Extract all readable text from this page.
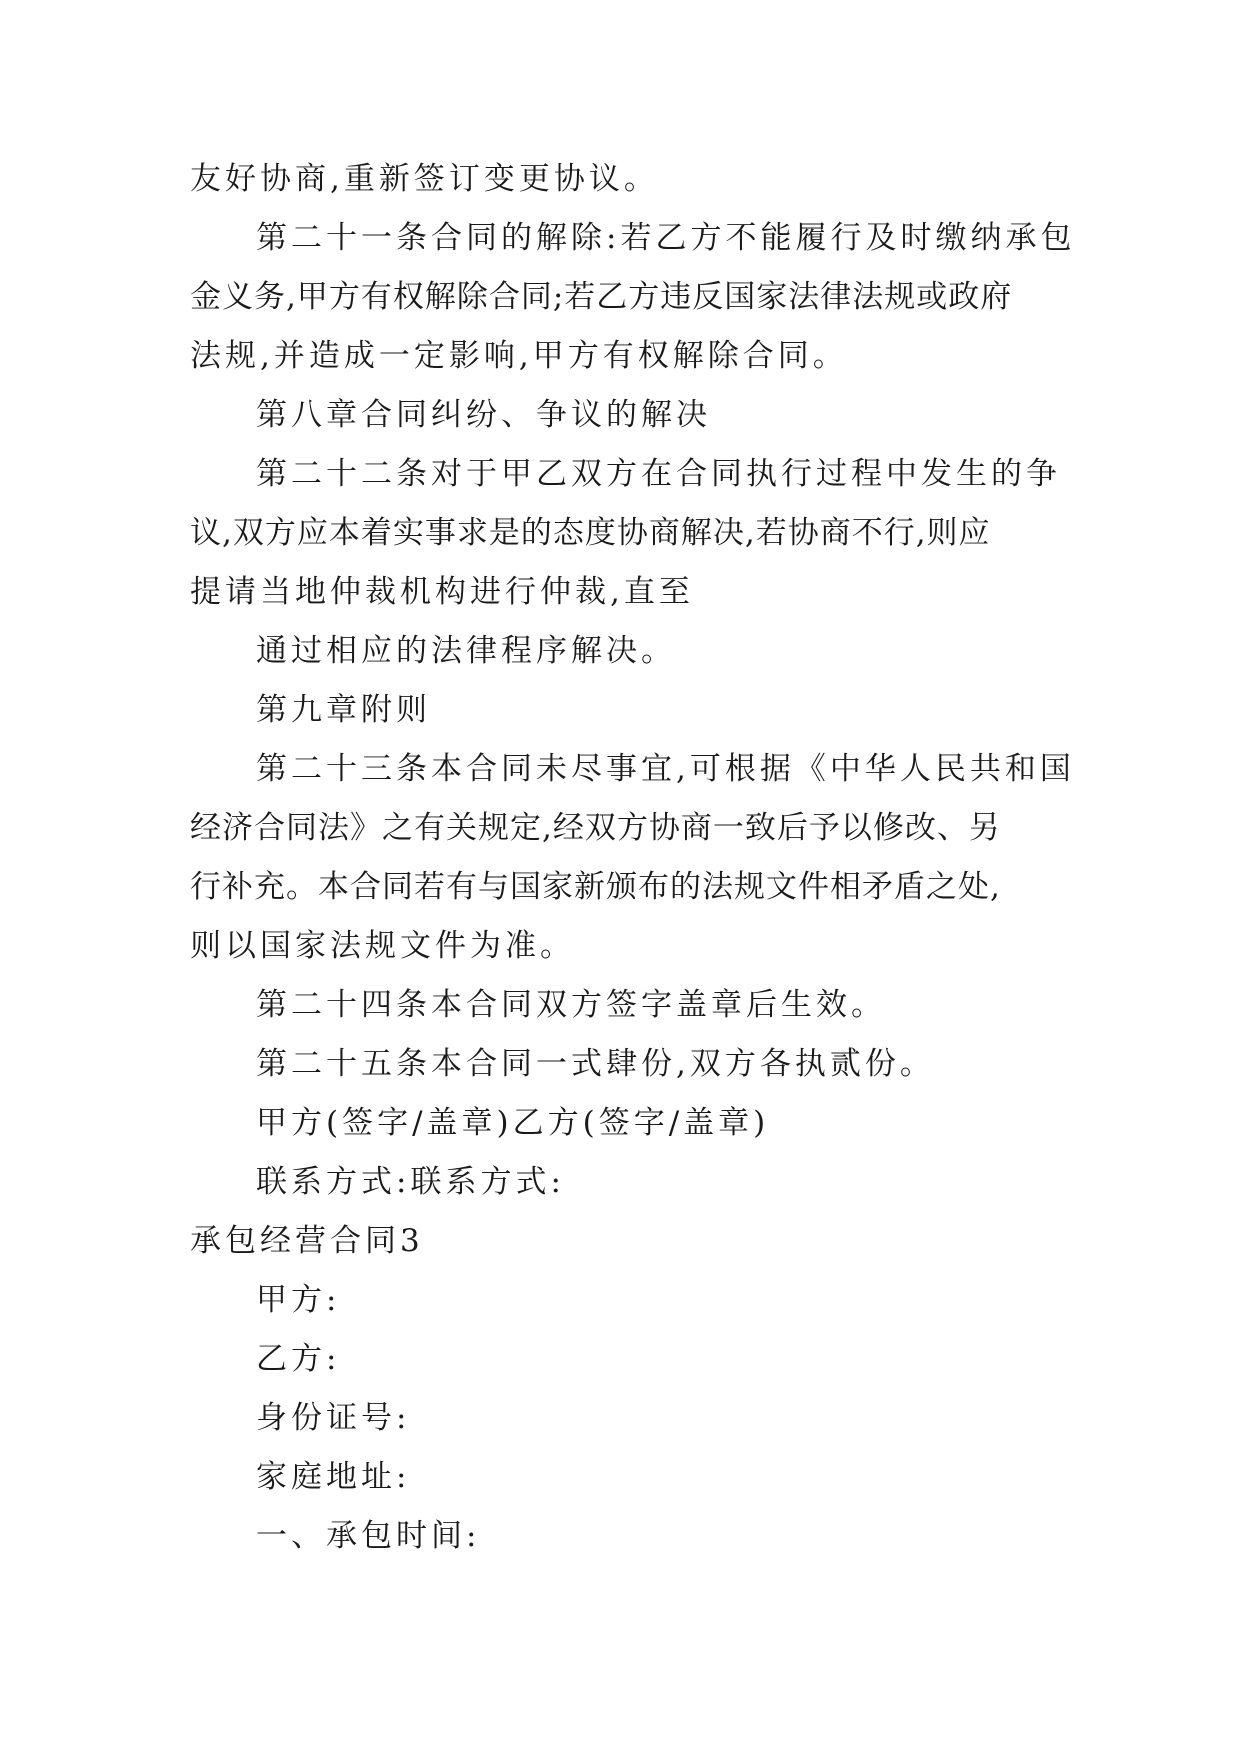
友好协商,重新签订变更协议。
第二十一条合同的解除:若乙方不能履行及时缴纳承包
金义务,甲方有权解除合同;若乙方违反国家法律法规或政府
法规,并造成一定影响,甲方有权解除合同。
第八章合同纠纷、争议的解决
第二十二条对于甲乙双方在合同执行过程中发生的争
议,双方应本着实事求是的态度协商解决,若协商不行,则应
提请当地仲裁机构进行仲裁,直至
通过相应的法律程序解决。
第九章附则
第二十三条本合同未尽事宜,可根据《中华人民共和国
经济合同法》之有关规定,经双方协商一致后予以修改、另
行补充。本合同若有与国家新颁布的法规文件相矛盾之处,
则以国家法规文件为准。
第二十四条本合同双方签字盖章后生效。
第二十五条本合同一式肆份,双方各执贰份。
甲方(签字/盖章)乙方(签字/盖章)
联系方式:联系方式:
承包经营合同3
甲方:
乙方:
身份证号:
家庭地址:
一、承包时间:
